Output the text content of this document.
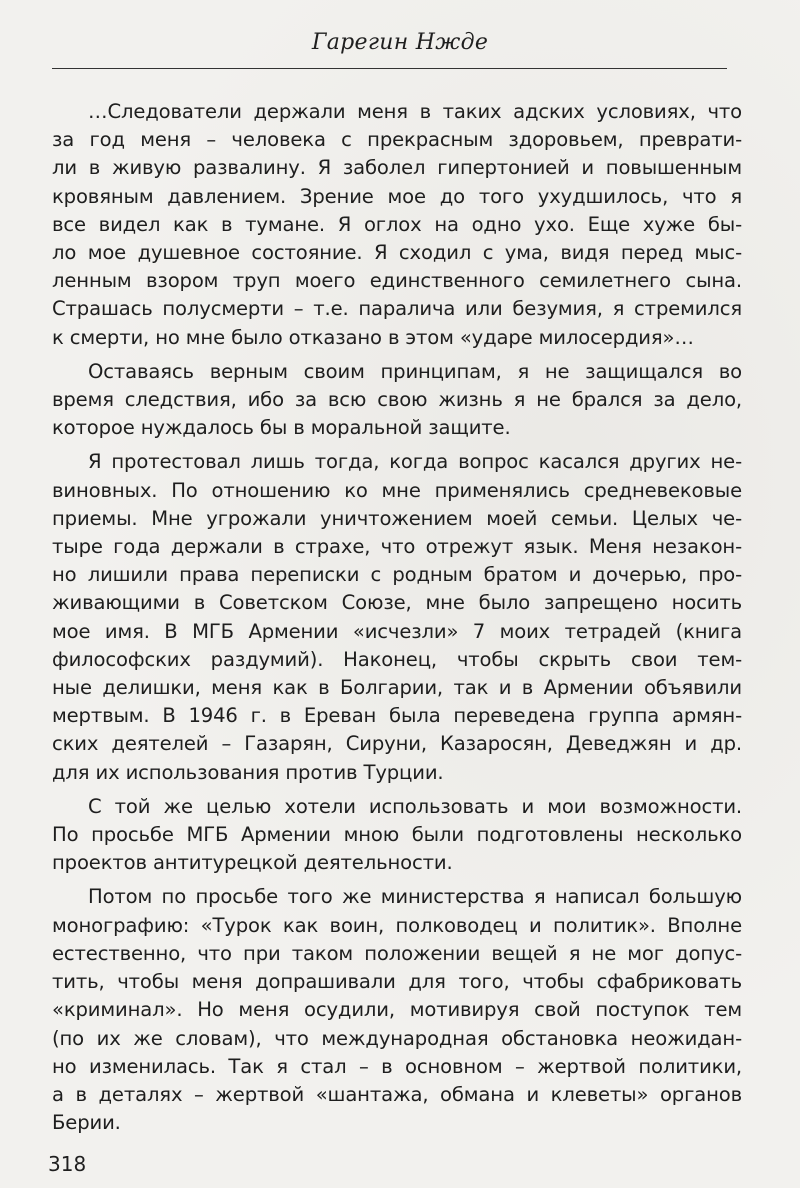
Гарегин Нжде
…Следователи держали меня в таких адских условиях, что
за год меня – человека с прекрасным здоровьем, преврати-
ли в живую развалину. Я заболел гипертонией и повышенным
кровяным давлением. Зрение мое до того ухудшилось, что я
все видел как в тумане. Я оглох на одно ухо. Еще хуже бы-
ло мое душевное состояние. Я сходил с ума, видя перед мыс-
ленным взором труп моего единственного семилетнего сына.
Страшась полусмерти – т.е. паралича или безумия, я стремился
к смерти, но мне было отказано в этом «ударе милосердия»…
Оставаясь верным своим принципам, я не защищался во
время следствия, ибо за всю свою жизнь я не брался за дело,
которое нуждалось бы в моральной защите.
Я протестовал лишь тогда, когда вопрос касался других не-
виновных. По отношению ко мне применялись средневековые
приемы. Мне угрожали уничтожением моей семьи. Целых че-
тыре года держали в страхе, что отрежут язык. Меня незакон-
но лишили права переписки с родным братом и дочерью, про-
живающими в Советском Союзе, мне было запрещено носить
мое имя. В МГБ Армении «исчезли» 7 моих тетрадей (книга
философских раздумий). Наконец, чтобы скрыть свои тем-
ные делишки, меня как в Болгарии, так и в Армении объявили
мертвым. В 1946 г. в Ереван была переведена группа армян-
ских деятелей – Газарян, Сируни, Казаросян, Деведжян и др.
для их использования против Турции.
С той же целью хотели использовать и мои возможности.
По просьбе МГБ Армении мною были подготовлены несколько
проектов антитурецкой деятельности.
Потом по просьбе того же министерства я написал большую
монографию: «Турок как воин, полководец и политик». Вполне
естественно, что при таком положении вещей я не мог допус-
тить, чтобы меня допрашивали для того, чтобы сфабриковать
«криминал». Но меня осудили, мотивируя свой поступок тем
(по их же словам), что международная обстановка неожидан-
но изменилась. Так я стал – в основном – жертвой политики,
а в деталях – жертвой «шантажа, обмана и клеветы» органов
Берии.
318
